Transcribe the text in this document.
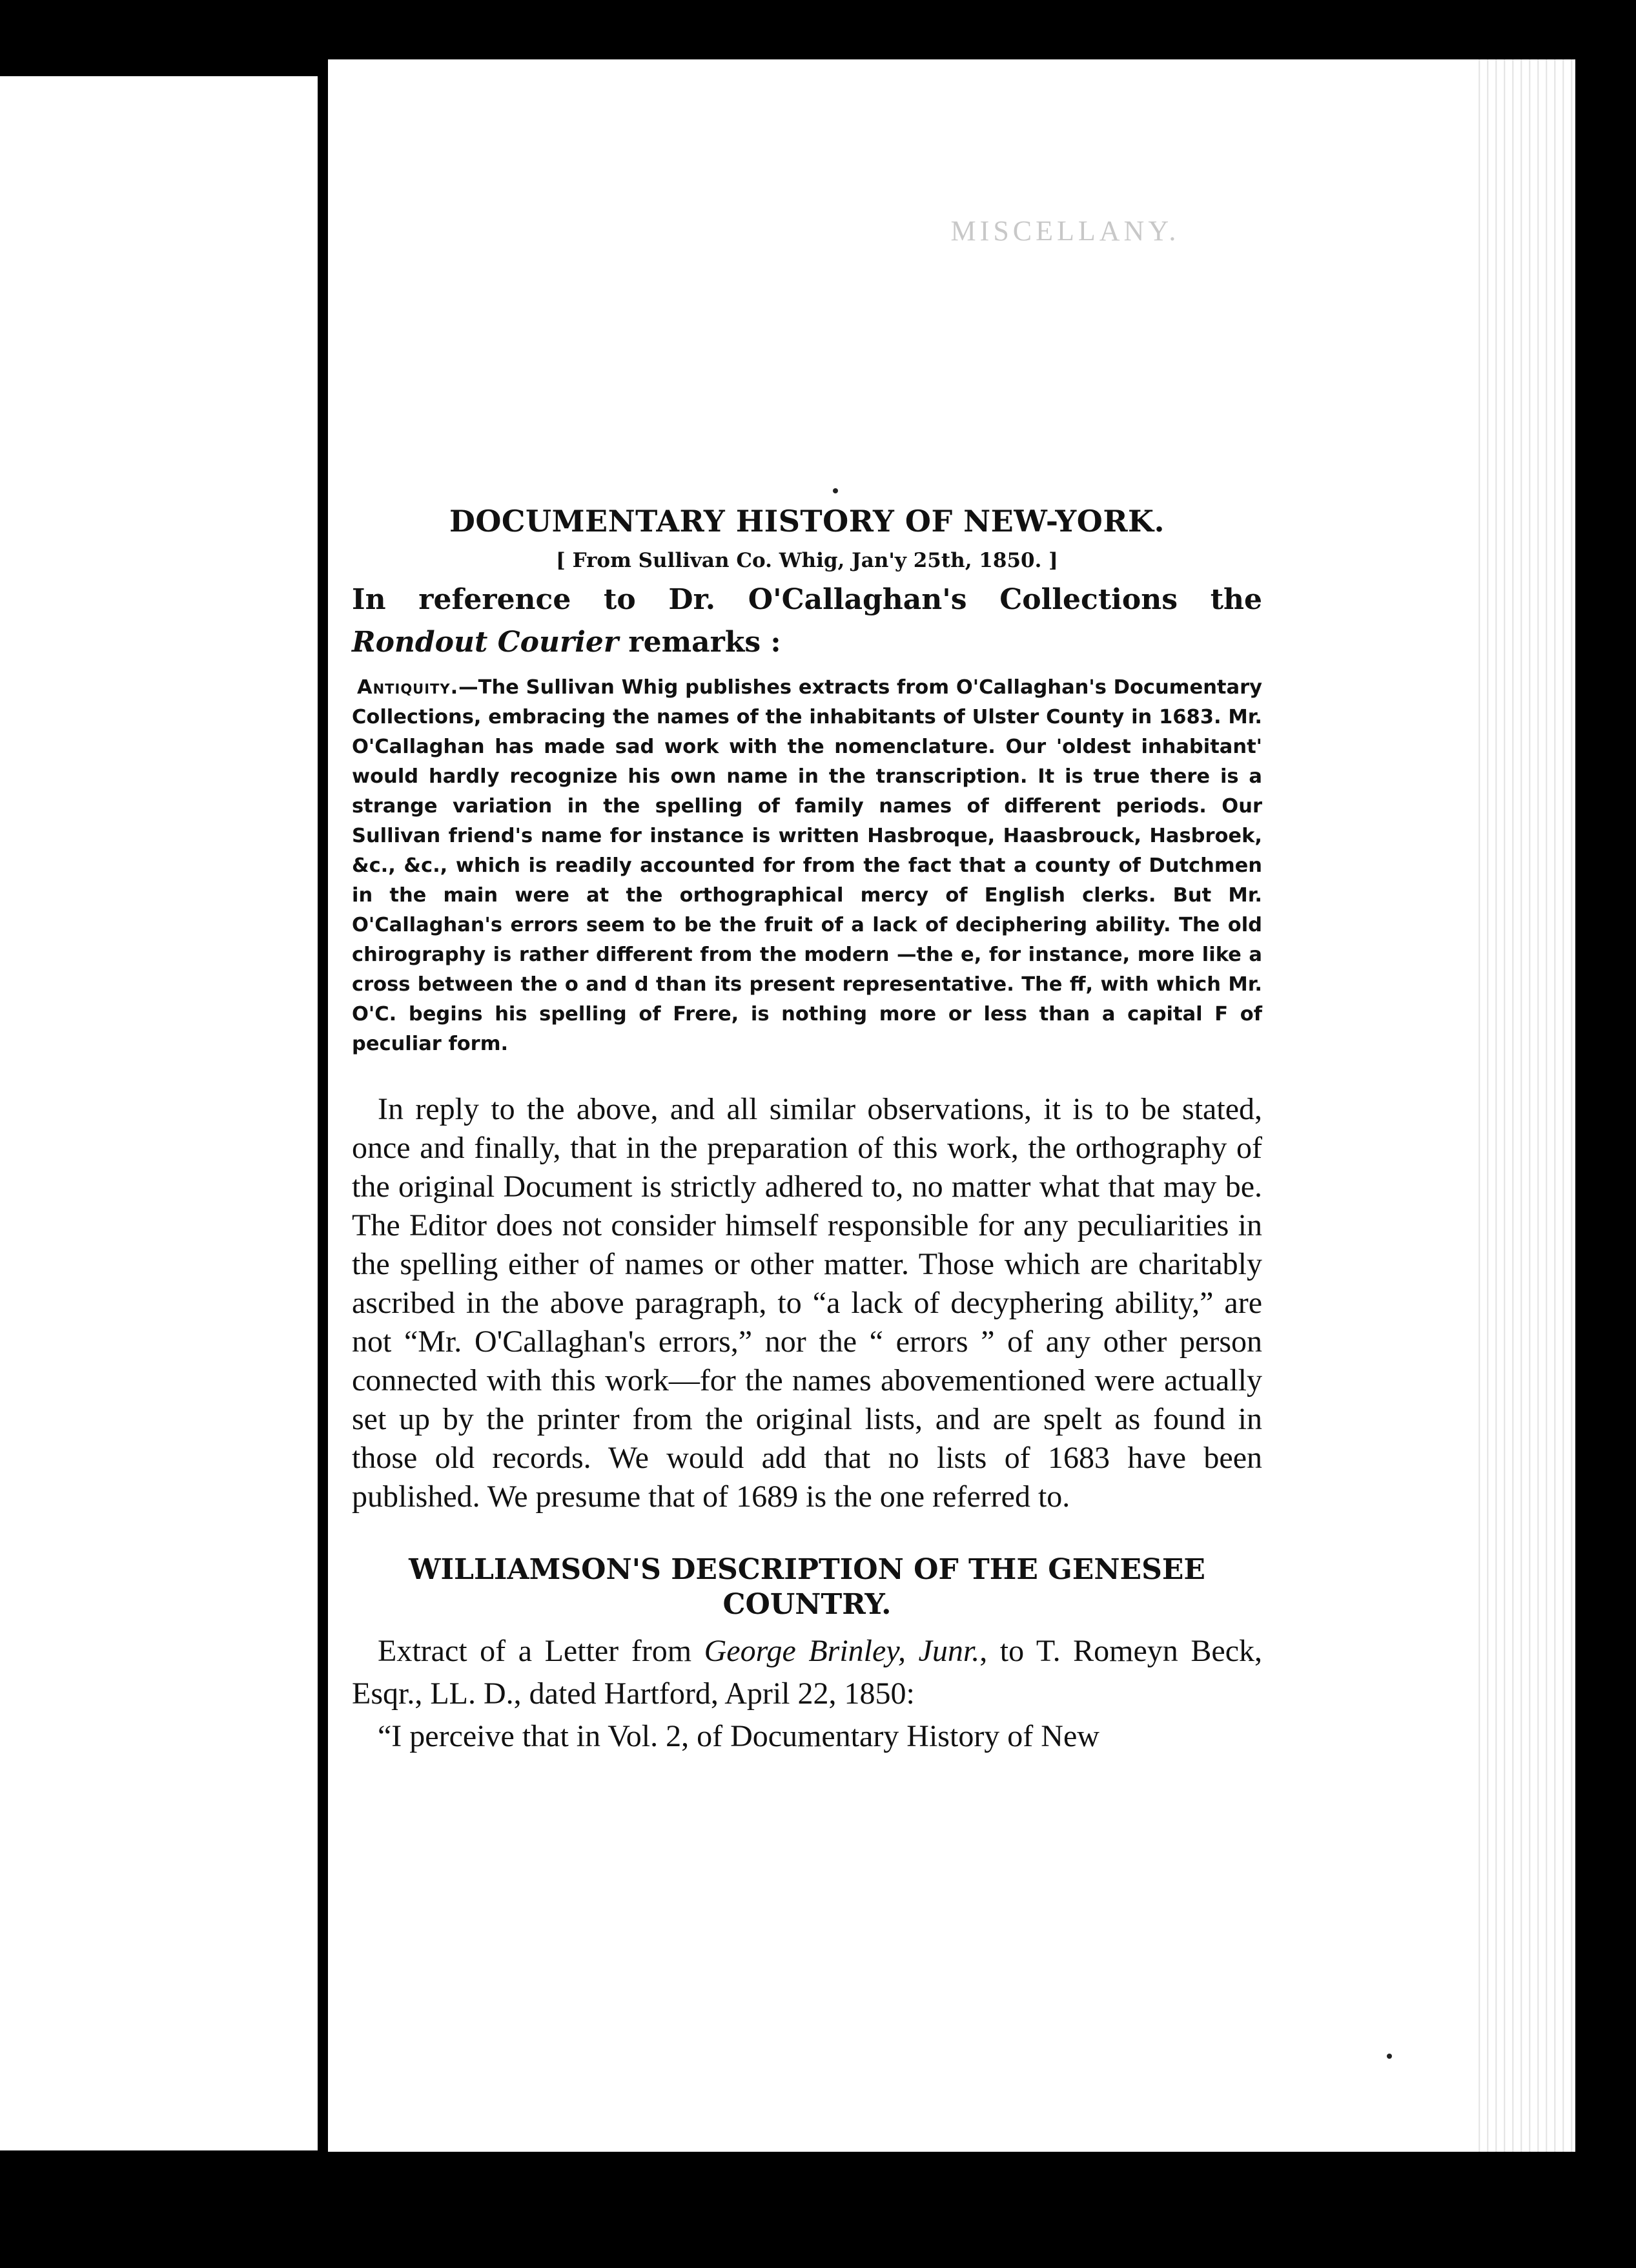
MISCELLANY.
DOCUMENTARY HISTORY OF NEW-YORK.

[ From Sullivan Co. Whig, Jan'y 25th, 1850. ]

In reference to Dr. O'Callaghan's Collections the Rondout Courier remarks :

Antiquity.—The Sullivan Whig publishes extracts from O'Callaghan's Documentary Collections, embracing the names of the inhabitants of Ulster County in 1683. Mr. O'Callaghan has made sad work with the nomenclature. Our 'oldest inhabitant' would hardly recognize his own name in the transcription. It is true there is a strange variation in the spelling of family names of different periods. Our Sullivan friend's name for instance is written Hasbroque, Haasbrouck, Hasbroek, &c., &c., which is readily accounted for from the fact that a county of Dutchmen in the main were at the orthographical mercy of English clerks. But Mr. O'Callaghan's errors seem to be the fruit of a lack of deciphering ability. The old chirography is rather different from the modern —the e, for instance, more like a cross between the o and d than its present representative. The ff, with which Mr. O'C. begins his spelling of Frere, is nothing more or less than a capital F of peculiar form.

In reply to the above, and all similar observations, it is to be stated, once and finally, that in the preparation of this work, the orthography of the original Document is strictly adhered to, no matter what that may be. The Editor does not consider himself responsible for any peculiarities in the spelling either of names or other matter. Those which are charitably ascribed in the above paragraph, to “a lack of decyphering ability,” are not “Mr. O'Callaghan's errors,” nor the “ errors ” of any other person connected with this work—for the names abovementioned were actually set up by the printer from the original lists, and are spelt as found in those old records. We would add that no lists of 1683 have been published. We presume that of 1689 is the one referred to.

WILLIAMSON'S DESCRIPTION OF THE GENESEE COUNTRY.

Extract of a Letter from George Brinley, Junr., to T. Romeyn Beck, Esqr., LL. D., dated Hartford, April 22, 1850:

“I perceive that in Vol. 2, of Documentary History of New
